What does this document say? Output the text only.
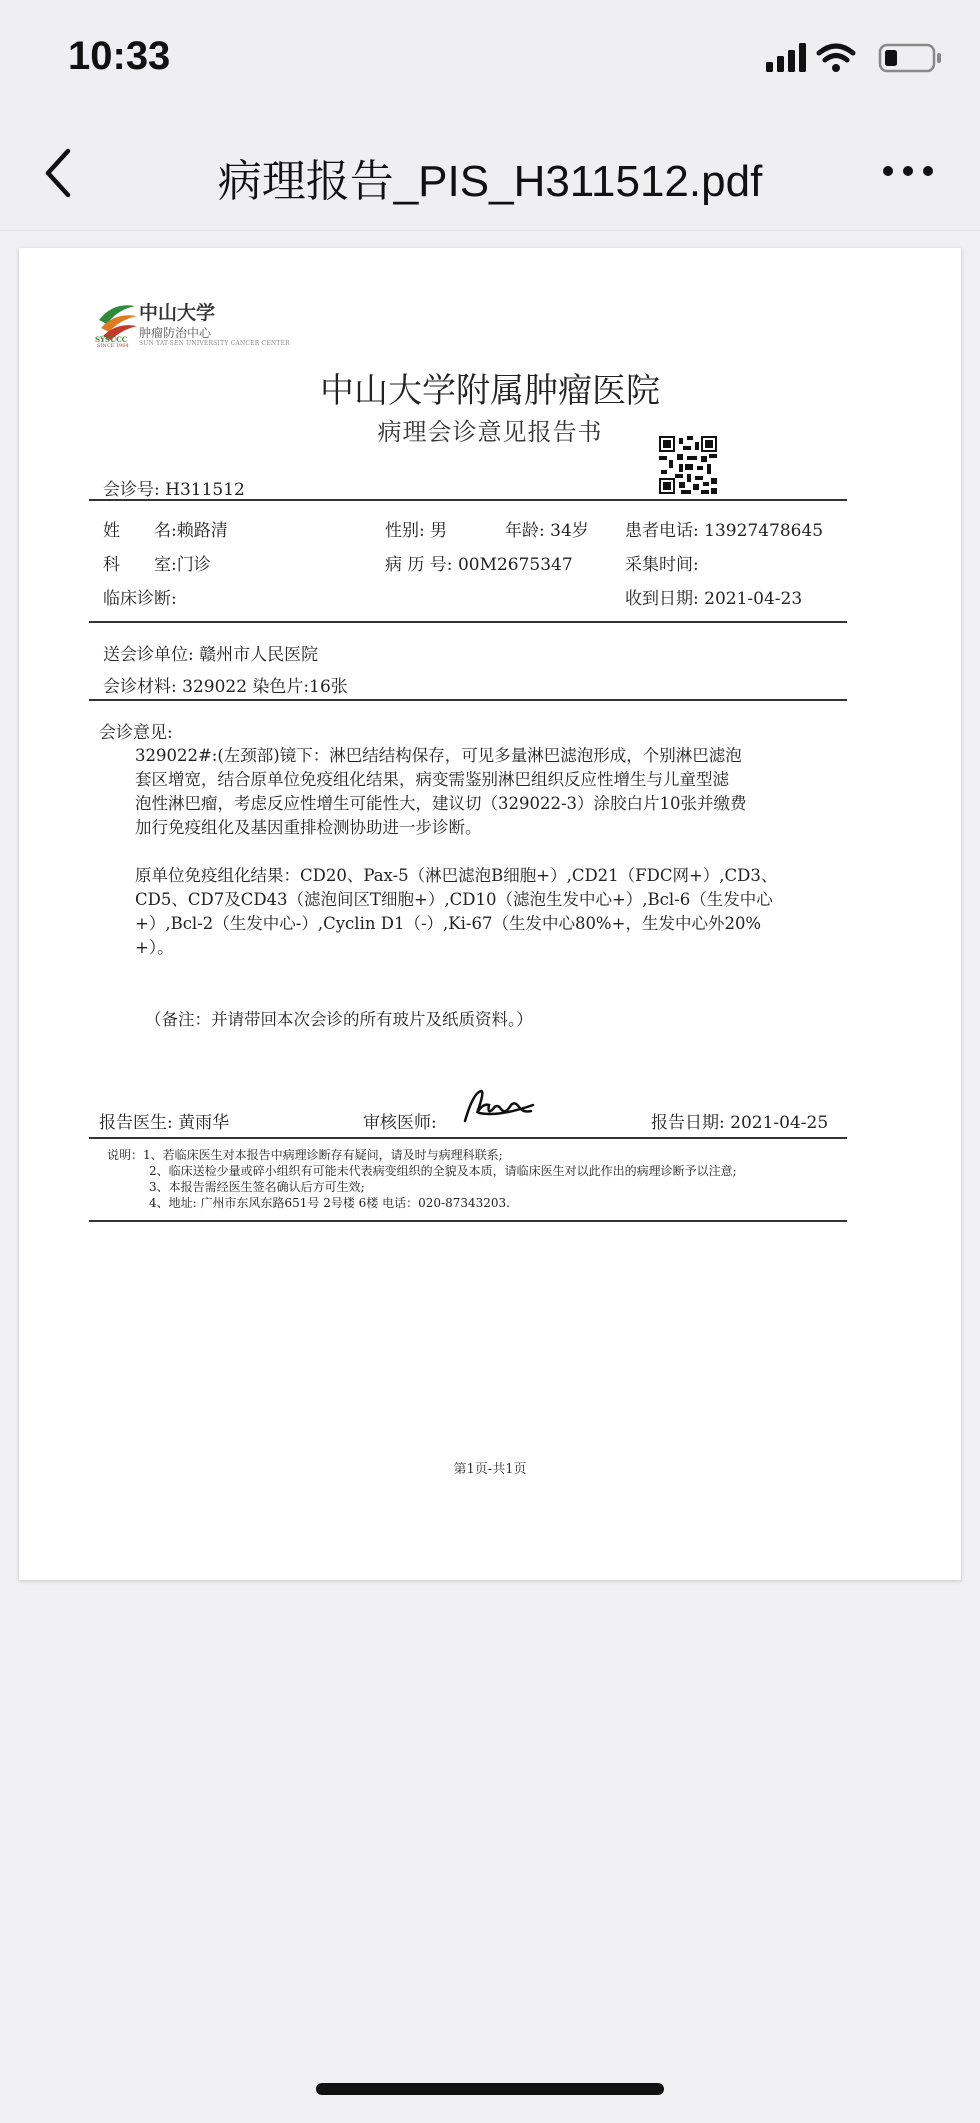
10:33
病理报告_PIS_H311512.pdf
中山大学
肿瘤防治中心
SUN YAT-SEN UNIVERSITY CANCER CENTER
SYSUCC
SINCE 1964
中山大学附属肿瘤医院
病理会诊意见报告书
会诊号: H311512
姓　　名:赖路清	性别: 男	年龄: 34岁 患者电话: 13927478645
科　　室:门诊	病 历 号: 00M2675347	采集时间:
临床诊断:	收到日期: 2021-04-23
送会诊单位: 赣州市人民医院
会诊材料: 329022 染色片:16张
会诊意见:
329022#:(左颈部)镜下：淋巴结结构保存，可见多量淋巴滤泡形成，个别淋巴滤泡
套区增宽，结合原单位免疫组化结果，病变需鉴别淋巴组织反应性增生与儿童型滤
泡性淋巴瘤，考虑反应性增生可能性大，建议切（329022-3）涂胶白片10张并缴费
加行免疫组化及基因重排检测协助进一步诊断。
原单位免疫组化结果：CD20、Pax-5（淋巴滤泡B细胞+）,CD21（FDC网+）,CD3、
CD5、CD7及CD43（滤泡间区T细胞+）,CD10（滤泡生发中心+）,Bcl-6（生发中心
+）,Bcl-2（生发中心-）,Cyclin D1（-）,Ki-67（生发中心80%+，生发中心外20%
+）。
（备注：并请带回本次会诊的所有玻片及纸质资料。）
报告医生: 黄雨华	审核医师:	报告日期: 2021-04-25
说明：1、若临床医生对本报告中病理诊断存有疑问，请及时与病理科联系;
2、临床送检少量或碎小组织有可能未代表病变组织的全貌及本质，请临床医生对以此作出的病理诊断予以注意;
3、本报告需经医生签名确认后方可生效;
4、地址: 广州市东风东路651号 2号楼 6楼 电话：020-87343203.
第1页-共1页
